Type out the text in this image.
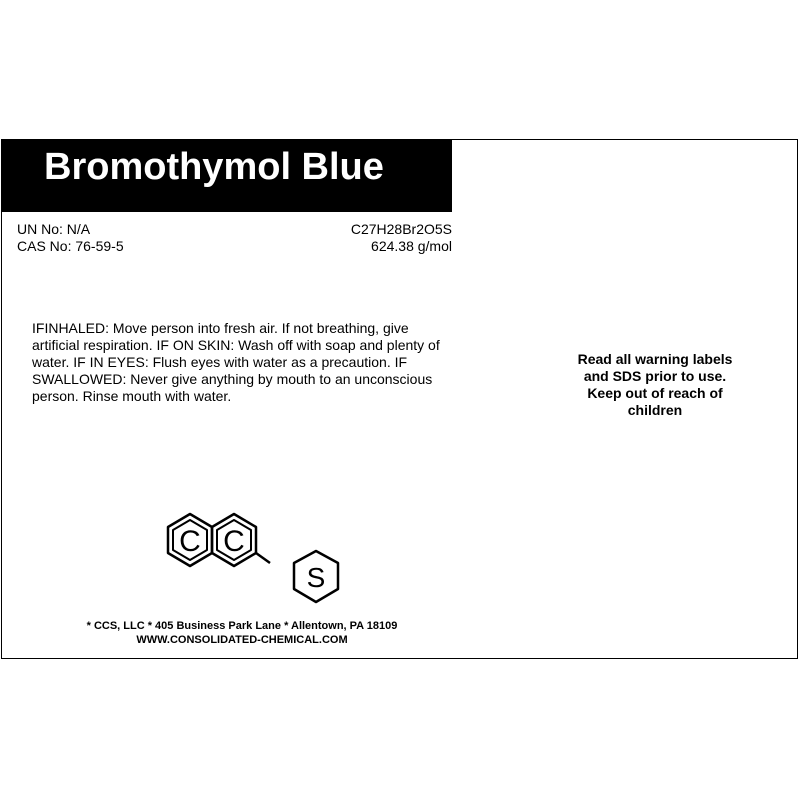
Bromothymol Blue
UN No: N/A
CAS No: 76-59-5
C27H28Br2O5S
624.38 g/mol
IFINHALED: Move person into fresh air. If not breathing, give artificial respiration. IF ON SKIN: Wash off with soap and plenty of water. IF IN EYES: Flush eyes with water as a precaution. IF SWALLOWED: Never give anything by mouth to an unconscious person. Rinse mouth with water.
Read all warning labels
and SDS prior to use.
Keep out of reach of
children
C C
S
* CCS, LLC * 405 Business Park Lane * Allentown, PA 18109
WWW.CONSOLIDATED-CHEMICAL.COM
